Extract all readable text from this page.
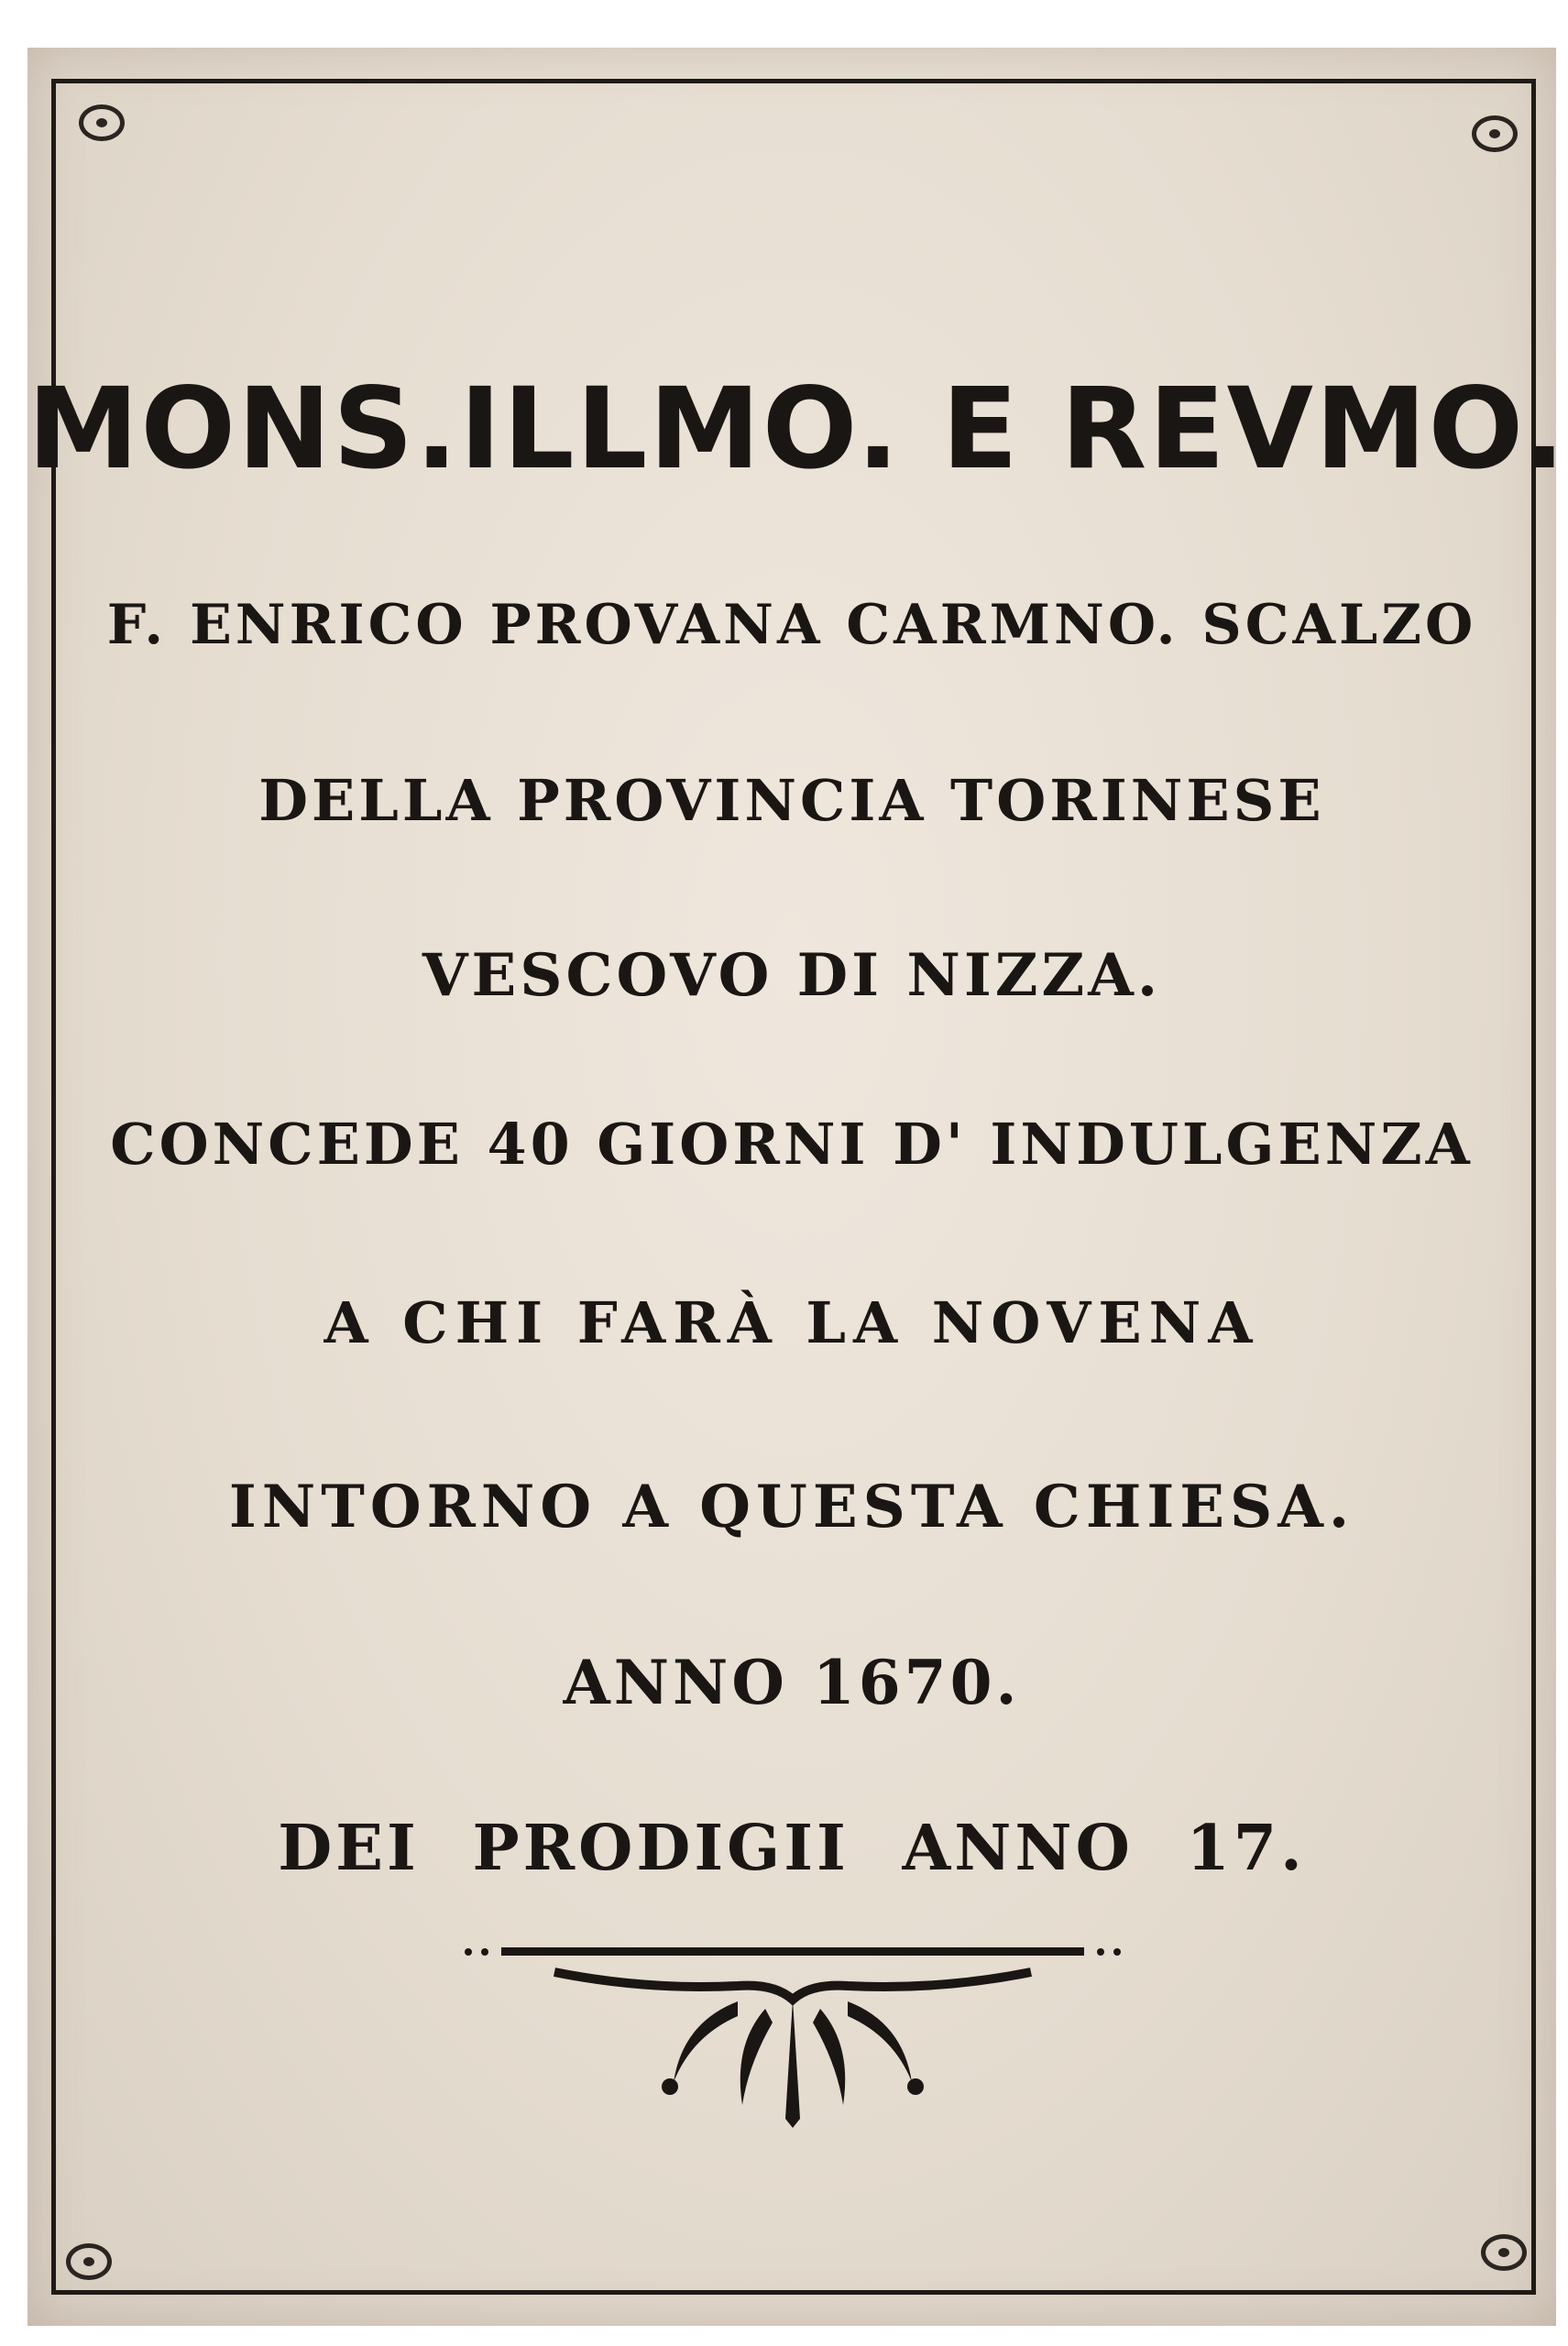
MONS.ILLMO. E REVMO.
F. ENRICO PROVANA CARMNO. SCALZO
DELLA PROVINCIA TORINESE
VESCOVO DI NIZZA.
CONCEDE 40 GIORNI D' INDULGENZA
A CHI FARÀ LA NOVENA
INTORNO A QUESTA CHIESA.
ANNO 1670.
DEI PRODIGII ANNO 17.
